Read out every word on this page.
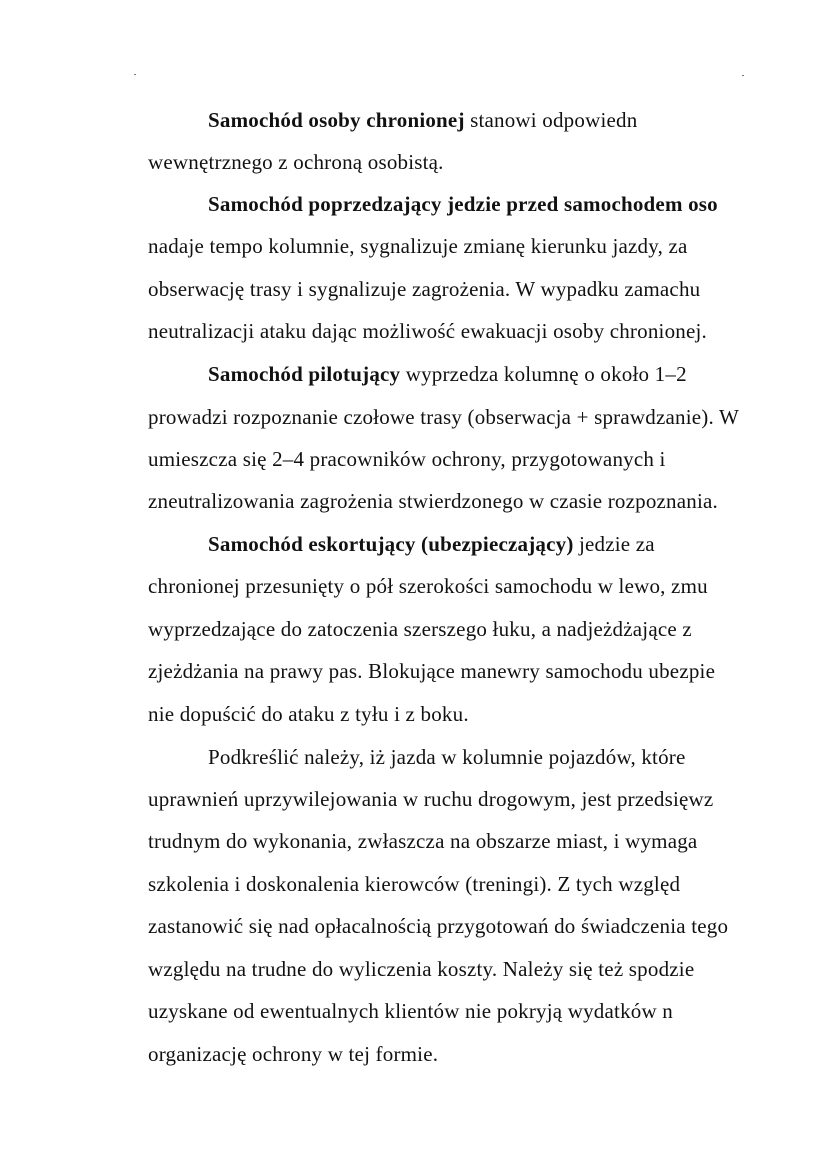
Samochód osoby chronionej stanowi odpowiedn
wewnętrznego z ochroną osobistą.
Samochód poprzedzający jedzie przed samochodem oso
nadaje tempo kolumnie, sygnalizuje zmianę kierunku jazdy, za
obserwację trasy i sygnalizuje zagrożenia. W wypadku zamachu
neutralizacji ataku dając możliwość ewakuacji osoby chronionej.
Samochód pilotujący wyprzedza kolumnę o około 1–2
prowadzi rozpoznanie czołowe trasy (obserwacja + sprawdzanie). W
umieszcza się 2–4 pracowników ochrony, przygotowanych i
zneutralizowania zagrożenia stwierdzonego w czasie rozpoznania.
Samochód eskortujący (ubezpieczający) jedzie za
chronionej przesunięty o pół szerokości samochodu w lewo, zmu
wyprzedzające do zatoczenia szerszego łuku, a nadjeżdżające z
zjeżdżania na prawy pas. Blokujące manewry samochodu ubezpie
nie dopuścić do ataku z tyłu i z boku.
Podkreślić należy, iż jazda w kolumnie pojazdów, które
uprawnień uprzywilejowania w ruchu drogowym, jest przedsięwz
trudnym do wykonania, zwłaszcza na obszarze miast, i wymaga
szkolenia i doskonalenia kierowców (treningi). Z tych względ
zastanowić się nad opłacalnością przygotowań do świadczenia tego
względu na trudne do wyliczenia koszty. Należy się też spodzie
uzyskane od ewentualnych klientów nie pokryją wydatków n
organizację ochrony w tej formie.
